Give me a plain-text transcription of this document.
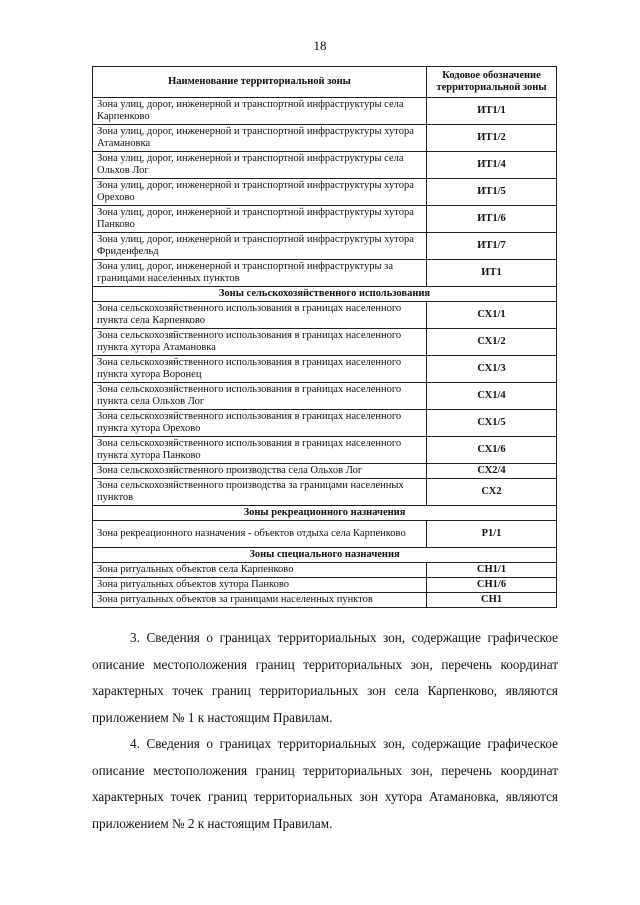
18
Наименование территориальной зоны	Кодовое обозначение территориальной зоны
Зона улиц, дорог, инженерной и транспортной инфраструктуры села Карпенково	ИТ1/1
Зона улиц, дорог, инженерной и транспортной инфраструктуры хутора Атамановка	ИТ1/2
Зона улиц, дорог, инженерной и транспортной инфраструктуры села Ольхов Лог	ИТ1/4
Зона улиц, дорог, инженерной и транспортной инфраструктуры хутора Орехово	ИТ1/5
Зона улиц, дорог, инженерной и транспортной инфраструктуры хутора Панково	ИТ1/6
Зона улиц, дорог, инженерной и транспортной инфраструктуры хутора Фриденфельд	ИТ1/7
Зона улиц, дорог, инженерной и транспортной инфраструктуры за границами населенных пунктов	ИТ1
Зоны сельскохозяйственного использования	
Зона сельскохозяйственного использования в границах населенного пункта села Карпенково	СХ1/1
Зона сельскохозяйственного использования в границах населенного пункта хутора Атамановка	СХ1/2
Зона сельскохозяйственного использования в границах населенного пункта хутора Воронец	СХ1/3
Зона сельскохозяйственного использования в границах населенного пункта села Ольхов Лог	СХ1/4
Зона сельскохозяйственного использования в границах населенного пункта хутора Орехово	СХ1/5
Зона сельскохозяйственного использования в границах населенного пункта хутора Панково	СХ1/6
Зона сельскохозяйственного производства села Ольхов Лог	СХ2/4
Зона сельскохозяйственного производства за границами населенных пунктов	СХ2
Зоны рекреационного назначения	
Зона рекреационного назначения - объектов отдыха села Карпенково	Р1/1
Зоны специального назначения	
Зона ритуальных объектов села Карпенково	СН1/1
Зона ритуальных объектов хутора Панково	СН1/6
Зона ритуальных объектов за границами населенных пунктов	СН1

3. Сведения о границах территориальных зон, содержащие графическое описание местоположения границ территориальных зон, перечень координат характерных точек границ территориальных зон села Карпенково, являются приложением № 1 к настоящим Правилам.

4. Сведения о границах территориальных зон, содержащие графическое описание местоположения границ территориальных зон, перечень координат характерных точек границ территориальных зон хутора Атамановка, являются приложением № 2 к настоящим Правилам.
